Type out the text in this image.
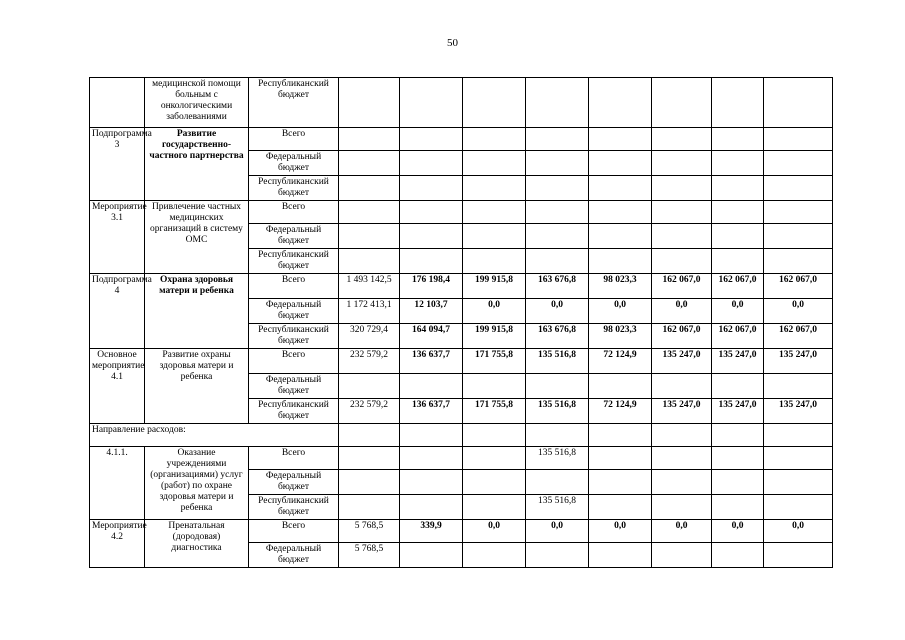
50
	медицинской помощи больным с онкологическими заболеваниями	Республиканский бюджет								
Подпрограмма 3	Развитие государственно-частного партнерства	Всего								
		Федеральный бюджет								
		Республиканский бюджет								
Мероприятие 3.1	Привлечение частных медицинских организаций в систему ОМС	Всего								
		Федеральный бюджет								
		Республиканский бюджет								
Подпрограмма 4	Охрана здоровья матери и ребенка	Всего	1 493 142,5	176 198,4	199 915,8	163 676,8	98 023,3	162 067,0	162 067,0	162 067,0
		Федеральный бюджет	1 172 413,1	12 103,7	0,0	0,0	0,0	0,0	0,0	0,0
		Республиканский бюджет	320 729,4	164 094,7	199 915,8	163 676,8	98 023,3	162 067,0	162 067,0	162 067,0
Основное мероприятие 4.1	Развитие охраны здоровья матери и ребенка	Всего	232 579,2	136 637,7	171 755,8	135 516,8	72 124,9	135 247,0	135 247,0	135 247,0
		Федеральный бюджет								
		Республиканский бюджет	232 579,2	136 637,7	171 755,8	135 516,8	72 124,9	135 247,0	135 247,0	135 247,0
Направление расходов:										
4.1.1.	Оказание учреждениями (организациями) услуг (работ) по охране здоровья матери и ребенка	Всего				135 516,8				
		Федеральный бюджет								
		Республиканский бюджет				135 516,8				
Мероприятие 4.2	Пренатальная (дородовая) диагностика	Всего	5 768,5	339,9	0,0	0,0	0,0	0,0	0,0	0,0
		Федеральный бюджет	5 768,5							
